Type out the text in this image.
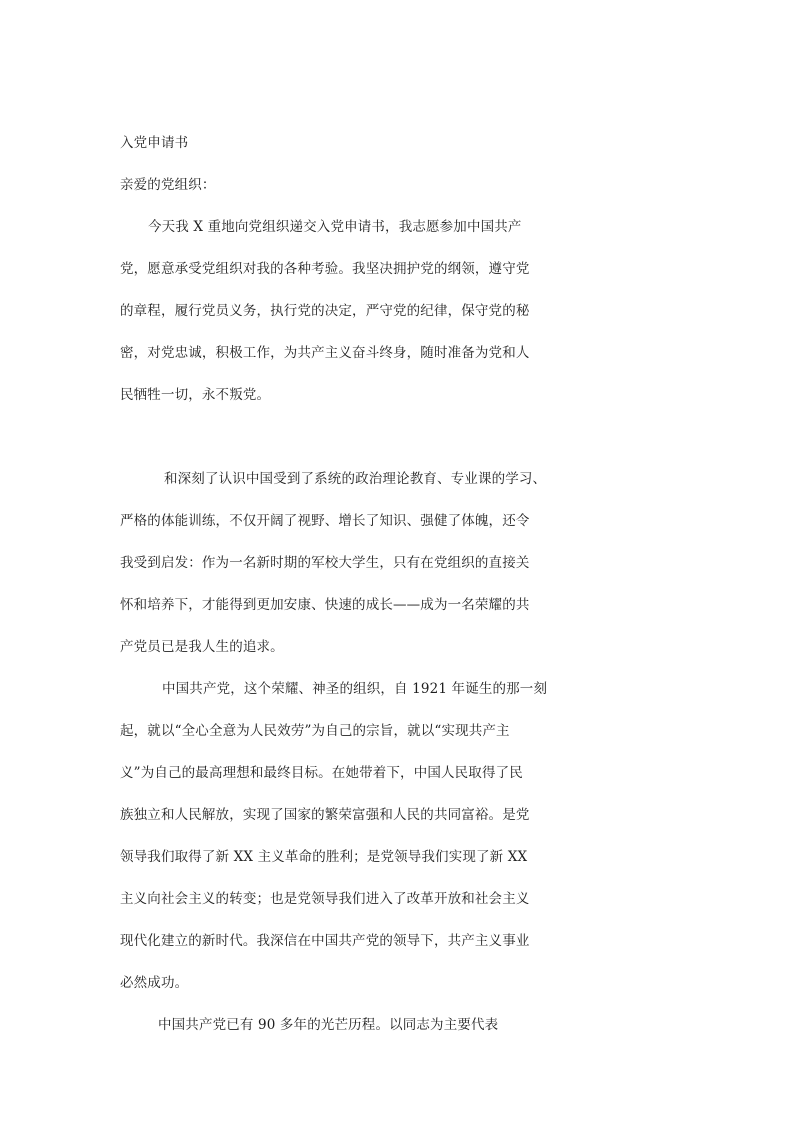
入党申请书
亲爱的党组织：
今天我 X 重地向党组织递交入党申请书，我志愿参加中国共产
党，愿意承受党组织对我的各种考验。我坚决拥护党的纲领，遵守党
的章程，履行党员义务，执行党的决定，严守党的纪律，保守党的秘
密，对党忠诚，积极工作，为共产主义奋斗终身，随时准备为党和人
民牺牲一切，永不叛党。
和深刻了认识中国受到了系统的政治理论教育、专业课的学习、
严格的体能训练，不仅开阔了视野、增长了知识、强健了体魄，还令
我受到启发：作为一名新时期的军校大学生，只有在党组织的直接关
怀和培养下，才能得到更加安康、快速的成长——成为一名荣耀的共
产党员已是我人生的追求。
中国共产党，这个荣耀、神圣的组织，自 1921 年诞生的那一刻
起，就以“全心全意为人民效劳”为自己的宗旨，就以“实现共产主
义”为自己的最高理想和最终目标。在她带着下，中国人民取得了民
族独立和人民解放，实现了国家的繁荣富强和人民的共同富裕。是党
领导我们取得了新 XX 主义革命的胜利；是党领导我们实现了新 XX
主义向社会主义的转变；也是党领导我们进入了改革开放和社会主义
现代化建立的新时代。我深信在中国共产党的领导下，共产主义事业
必然成功。
中国共产党已有 90 多年的光芒历程。以同志为主要代表
